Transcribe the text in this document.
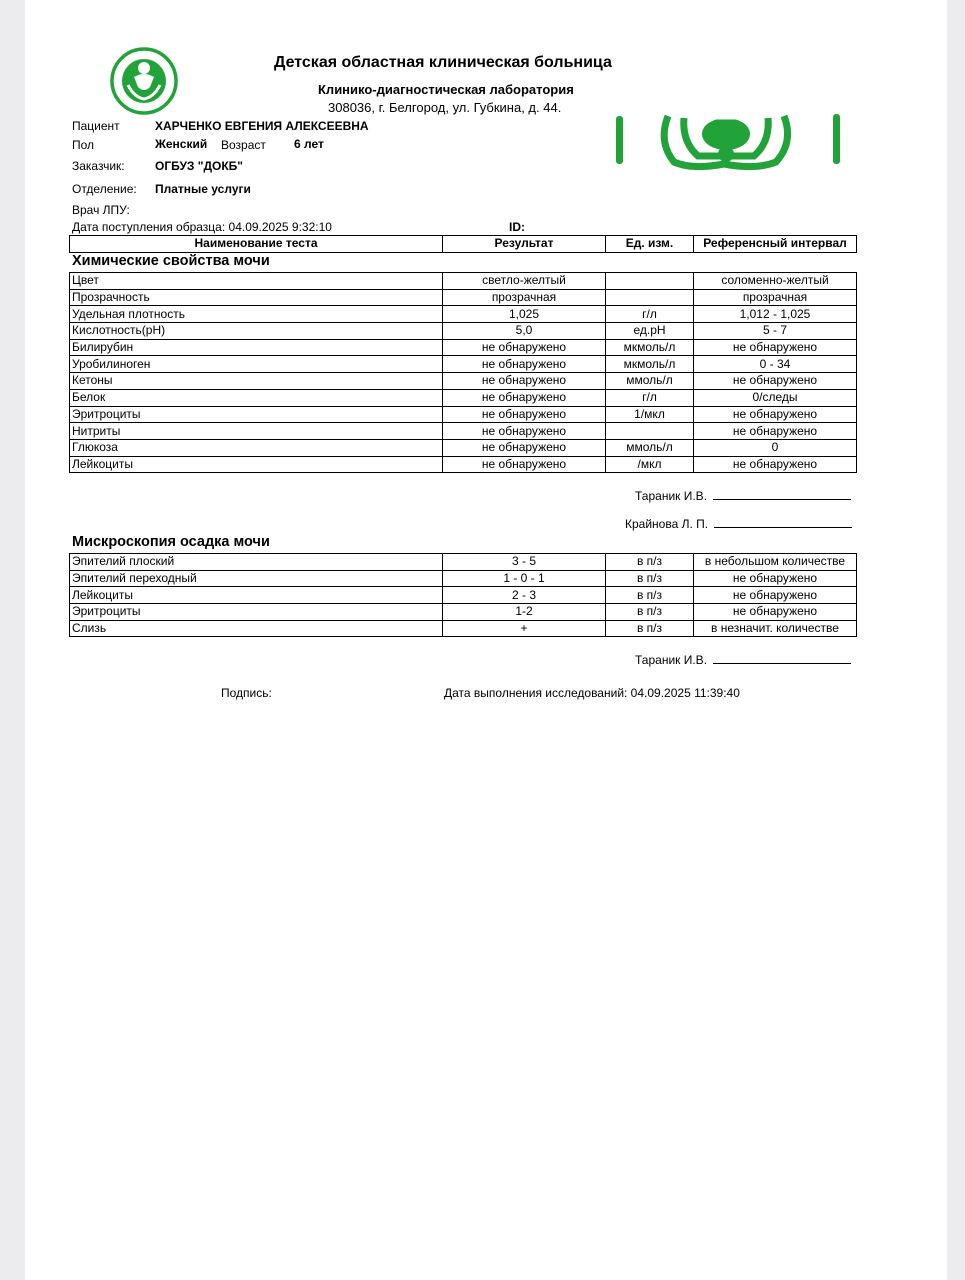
Детская областная клиническая больница
Клинико-диагностическая лаборатория
308036, г. Белгород, ул. Губкина, д. 44.
Пациент	ХАРЧЕНКО ЕВГЕНИЯ АЛЕКСЕЕВНА
Пол	Женский Возраст 6 лет
Заказчик:	ОГБУЗ "ДОКБ"
Отделение: Платные услуги
Врач ЛПУ:
Дата поступления образца: 04.09.2025 9:32:10	ID:
Наименование теста	Результат	Ед. изм.	Референсный интервал
Химические свойства мочи
Цвет	светло-желтый		соломенно-желтый
Прозрачность	прозрачная		прозрачная
Удельная плотность	1,025	г/л	1,012 - 1,025
Кислотность(pH)	5,0	ед.pH	5 - 7
Билирубин	не обнаружено	мкмоль/л	не обнаружено
Уробилиноген	не обнаружено	мкмоль/л	0 - 34
Кетоны	не обнаружено	ммоль/л	не обнаружено
Белок	не обнаружено	г/л	0/следы
Эритроциты	не обнаружено	1/мкл	не обнаружено
Нитриты	не обнаружено		не обнаружено
Глюкоза	не обнаружено	ммоль/л	0
Лейкоциты	не обнаружено	/мкл	не обнаружено
Тараник И.В.
Крайнова Л. П.
Мискроскопия осадка мочи
Эпителий плоский	3 - 5	в п/з	в небольшом количестве
Эпителий переходный	1 - 0 - 1	в п/з	не обнаружено
Лейкоциты	2 - 3	в п/з	не обнаружено
Эритроциты	1-2	в п/з	не обнаружено
Слизь	+	в п/з	в незначит. количестве
Тараник И.В.
Подпись:	Дата выполнения исследований: 04.09.2025 11:39:40
